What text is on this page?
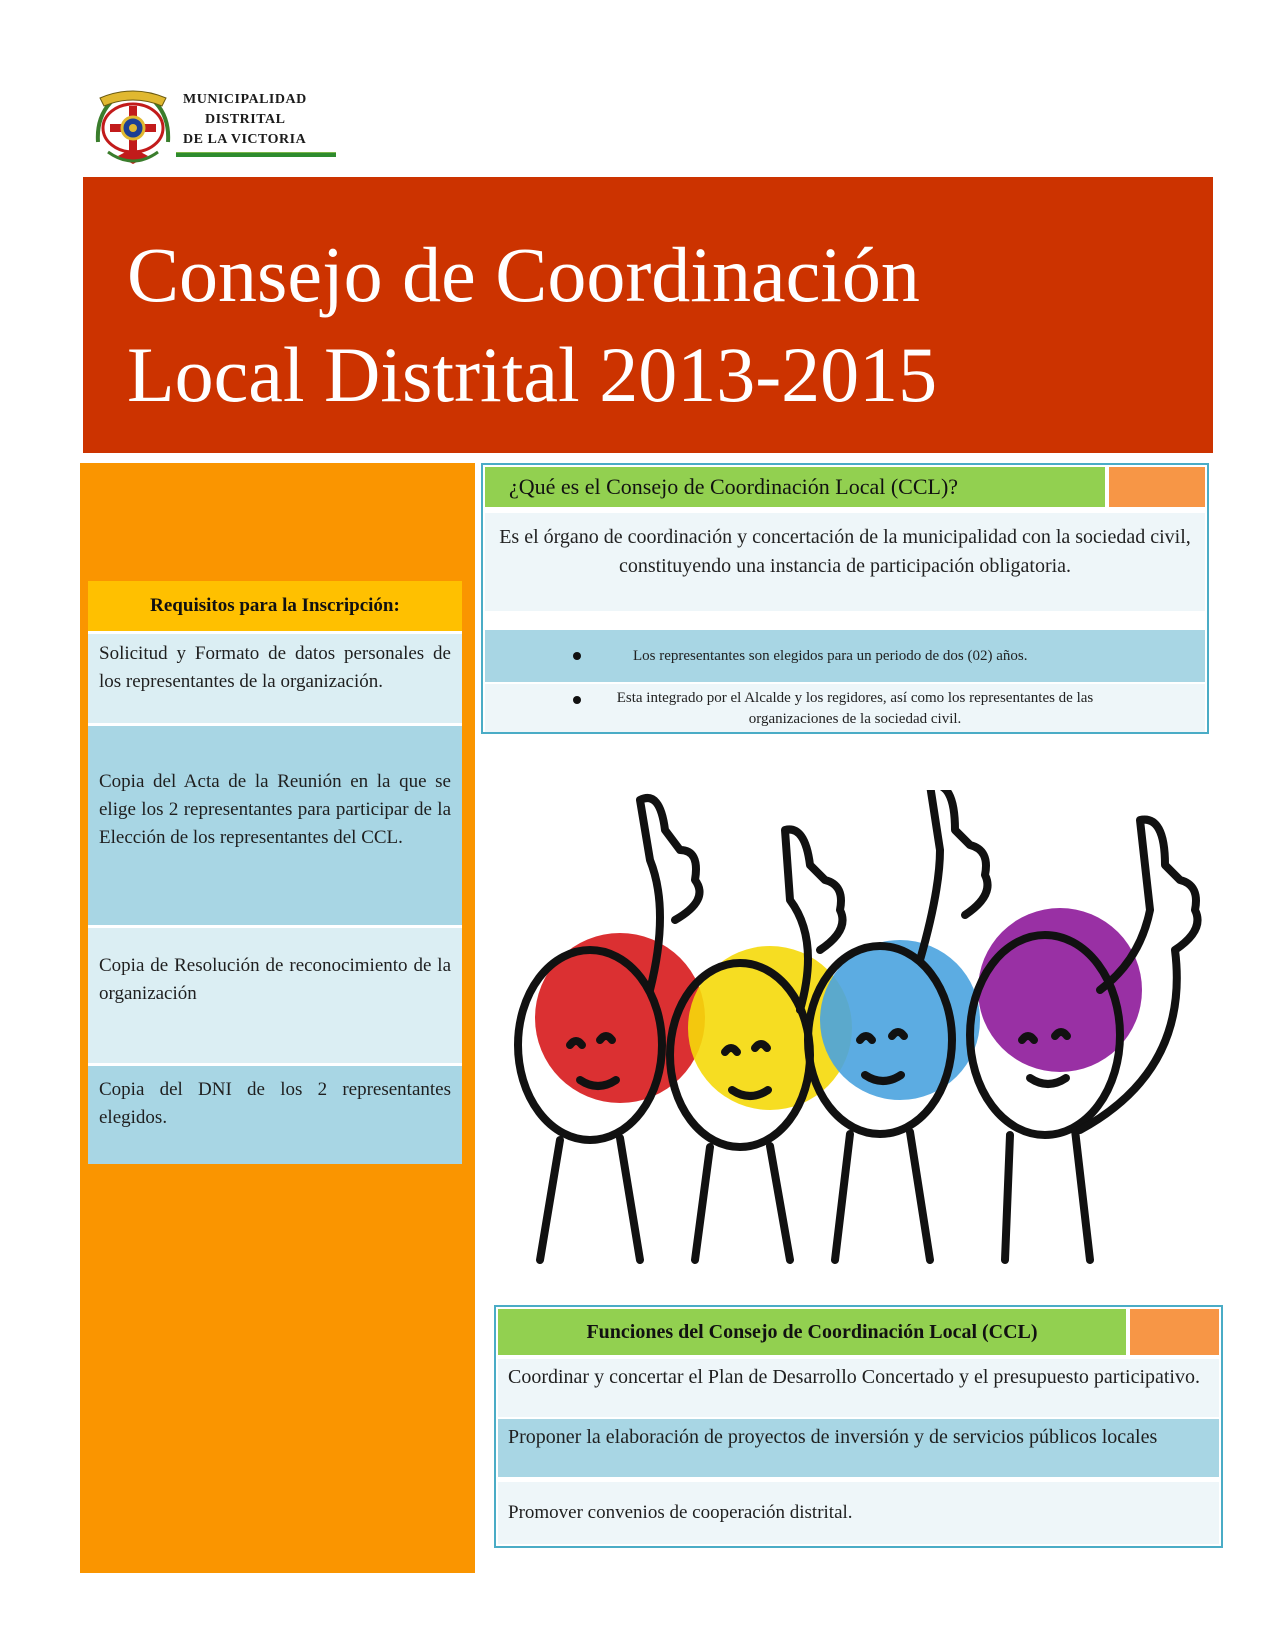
MUNICIPALIDAD
DISTRITAL
DE LA VICTORIA
Consejo de Coordinación
Local Distrital 2013-2015
Requisitos para la Inscripción:
Solicitud y Formato de datos personales de los representantes de la organización.
Copia del Acta de la Reunión en la que se elige los 2 representantes para participar de la Elección de los representantes del CCL.
Copia de Resolución de reconocimiento de la organización
Copia del DNI de los 2 representantes elegidos.
¿Qué es el Consejo de Coordinación Local (CCL)?
Es el órgano de coordinación y concertación de la municipalidad con la sociedad civil, constituyendo una instancia de participación obligatoria.
Los representantes son elegidos para un periodo de dos (02) años.
Esta integrado por el Alcalde y los regidores, así como los representantes de las organizaciones de la sociedad civil.
Funciones del Consejo de Coordinación Local (CCL)
Coordinar y concertar el Plan de Desarrollo Concertado y el presupuesto participativo.
Proponer la elaboración de proyectos de inversión y de servicios públicos locales
Promover convenios de cooperación distrital.
